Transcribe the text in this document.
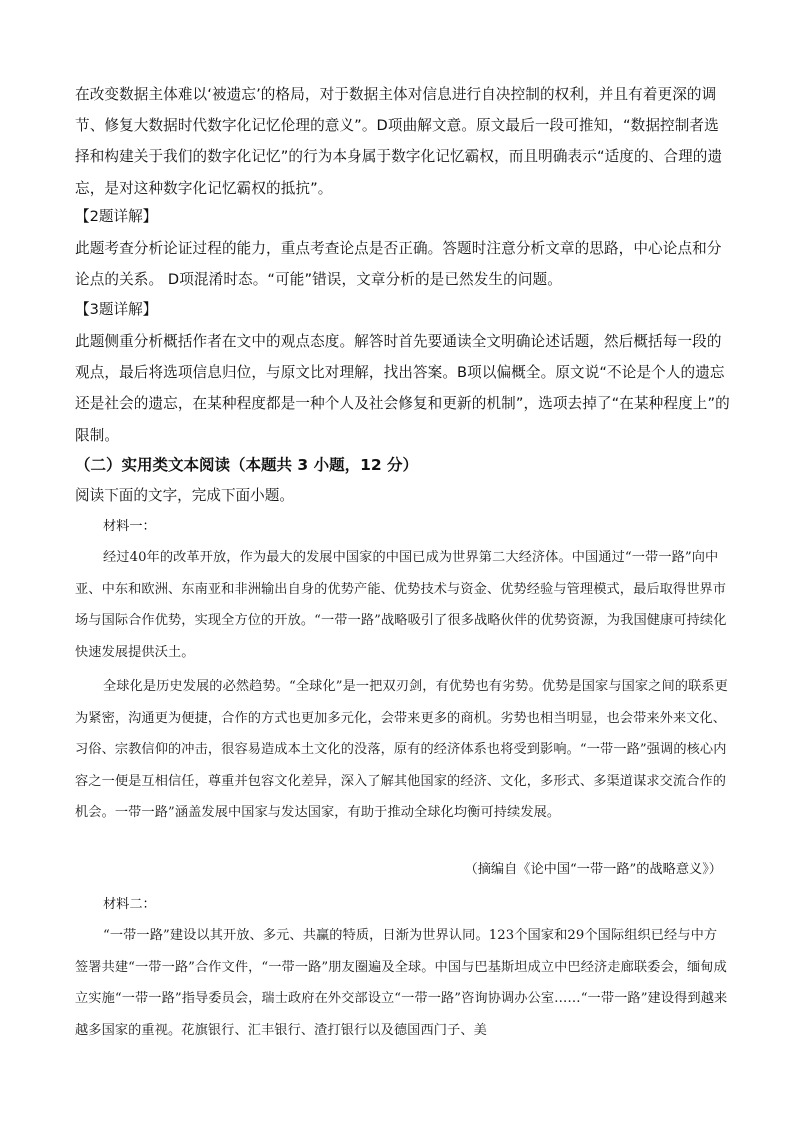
在改变数据主体难以‘被遗忘’的格局，对于数据主体对信息进行自决控制的权利，并且有着更深的调节、修复大数据时代数字化记忆伦理的意义”。D项曲解文意。原文最后一段可推知，“数据控制者选择和构建关于我们的数字化记忆”的行为本身属于数字化记忆霸权，而且明确表示“适度的、合理的遗忘，是对这种数字化记忆霸权的抵抗”。

【2题详解】

此题考查分析论证过程的能力，重点考查论点是否正确。答题时注意分析文章的思路，中心论点和分论点的关系。 D项混淆时态。“可能”错误，文章分析的是已然发生的问题。

【3题详解】

此题侧重分析概括作者在文中的观点态度。解答时首先要通读全文明确论述话题，然后概括每一段的观点，最后将选项信息归位，与原文比对理解，找出答案。B项以偏概全。原文说“不论是个人的遗忘还是社会的遗忘，在某种程度都是一种个人及社会修复和更新的机制”，选项去掉了“在某种程度上”的限制。

（二）实用类文本阅读（本题共 3 小题，12 分）

阅读下面的文字，完成下面小题。

材料一：

经过40年的改革开放，作为最大的发展中国家的中国已成为世界第二大经济体。中国通过“一带一路”向中亚、中东和欧洲、东南亚和非洲输出自身的优势产能、优势技术与资金、优势经验与管理模式，最后取得世界市场与国际合作优势，实现全方位的开放。“一带一路”战略吸引了很多战略伙伴的优势资源，为我国健康可持续化快速发展提供沃土。

全球化是历史发展的必然趋势。“全球化”是一把双刃剑，有优势也有劣势。优势是国家与国家之间的联系更为紧密，沟通更为便捷，合作的方式也更加多元化，会带来更多的商机。劣势也相当明显，也会带来外来文化、习俗、宗教信仰的冲击，很容易造成本土文化的没落，原有的经济体系也将受到影响。“一带一路”强调的核心内容之一便是互相信任，尊重并包容文化差异，深入了解其他国家的经济、文化，多形式、多渠道谋求交流合作的机会。一带一路”涵盖发展中国家与发达国家，有助于推动全球化均衡可持续发展。

（摘编自《论中国“一带一路”的战略意义》）

材料二：

“一带一路”建设以其开放、多元、共赢的特质，日渐为世界认同。123个国家和29个国际组织已经与中方签署共建“一带一路”合作文件，“一带一路”朋友圈遍及全球。中国与巴基斯坦成立中巴经济走廊联委会，缅甸成立实施“一带一路”指导委员会，瑞士政府在外交部设立“一带一路”咨询协调办公室……“一带一路”建设得到越来越多国家的重视。花旗银行、汇丰银行、渣打银行以及德国西门子、美
